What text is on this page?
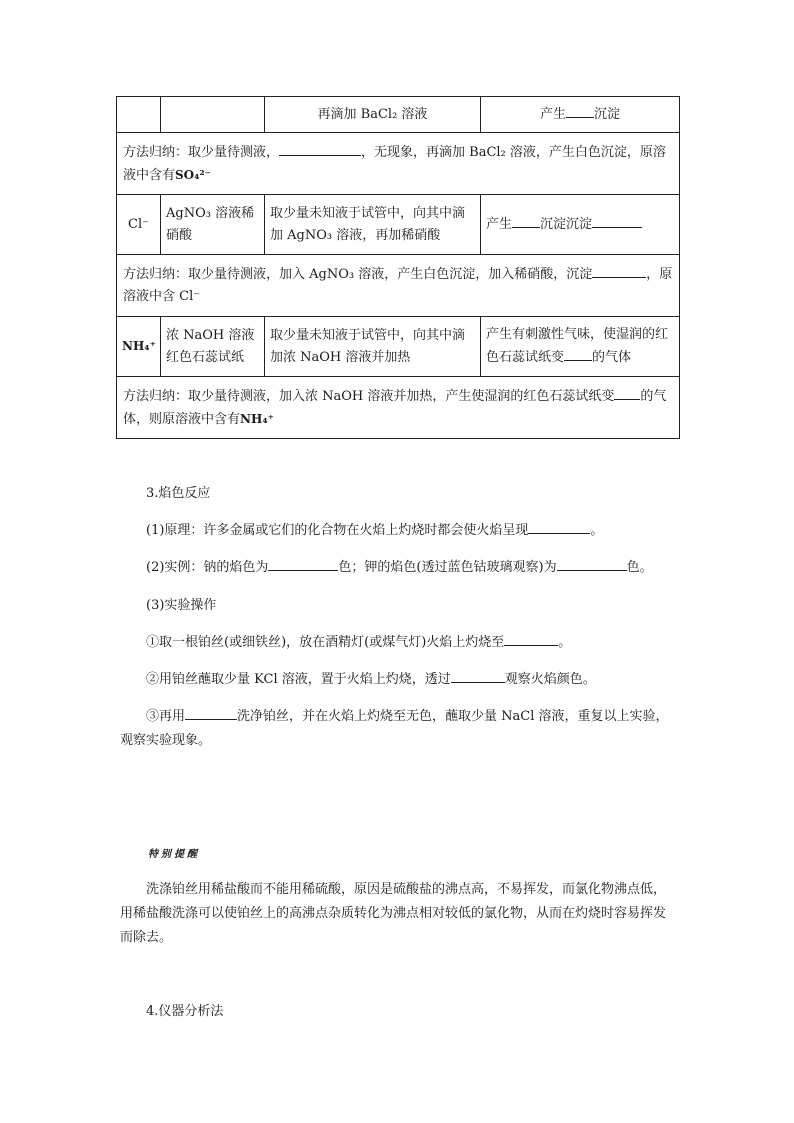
		再滴加 BaCl₂ 溶液	产生 沉淀
方法归纳：取少量待测液， ，无现象，再滴加 BaCl₂ 溶液，产生白色沉淀，原溶液中含有SO₄²⁻			
Cl⁻	AgNO₃ 溶液稀硝酸	取少量未知液于试管中，向其中滴加 AgNO₃ 溶液，再加稀硝酸	产生 沉淀沉淀
方法归纳：取少量待测液，加入 AgNO₃ 溶液，产生白色沉淀，加入稀硝酸，沉淀 ，原溶液中含 Cl⁻			
NH₄⁺	浓 NaOH 溶液红色石蕊试纸	取少量未知液于试管中，向其中滴加浓 NaOH 溶液并加热	产生有刺激性气味，使湿润的红色石蕊试纸变 的气体
方法归纳：取少量待测液，加入浓 NaOH 溶液并加热，产生使湿润的红色石蕊试纸变 的气体，则原溶液中含有NH₄⁺			
3.焰色反应
(1)原理：许多金属或它们的化合物在火焰上灼烧时都会使火焰呈现	。
(2)实例：钠的焰色为	色；钾的焰色(透过蓝色钴玻璃观察)为	色。
(3)实验操作
①取一根铂丝(或细铁丝)，放在酒精灯(或煤气灯)火焰上灼烧至	。
②用铂丝蘸取少量 KCl 溶液，置于火焰上灼烧，透过	观察火焰颜色。
③再用	洗净铂丝，并在火焰上灼烧至无色，蘸取少量 NaCl 溶液，重复以上实验，观察实验现象。
特别提醒
洗涤铂丝用稀盐酸而不能用稀硫酸，原因是硫酸盐的沸点高，不易挥发，而氯化物沸点低，用稀盐酸洗涤可以使铂丝上的高沸点杂质转化为沸点相对较低的氯化物，从而在灼烧时容易挥发而除去。
4.仪器分析法
